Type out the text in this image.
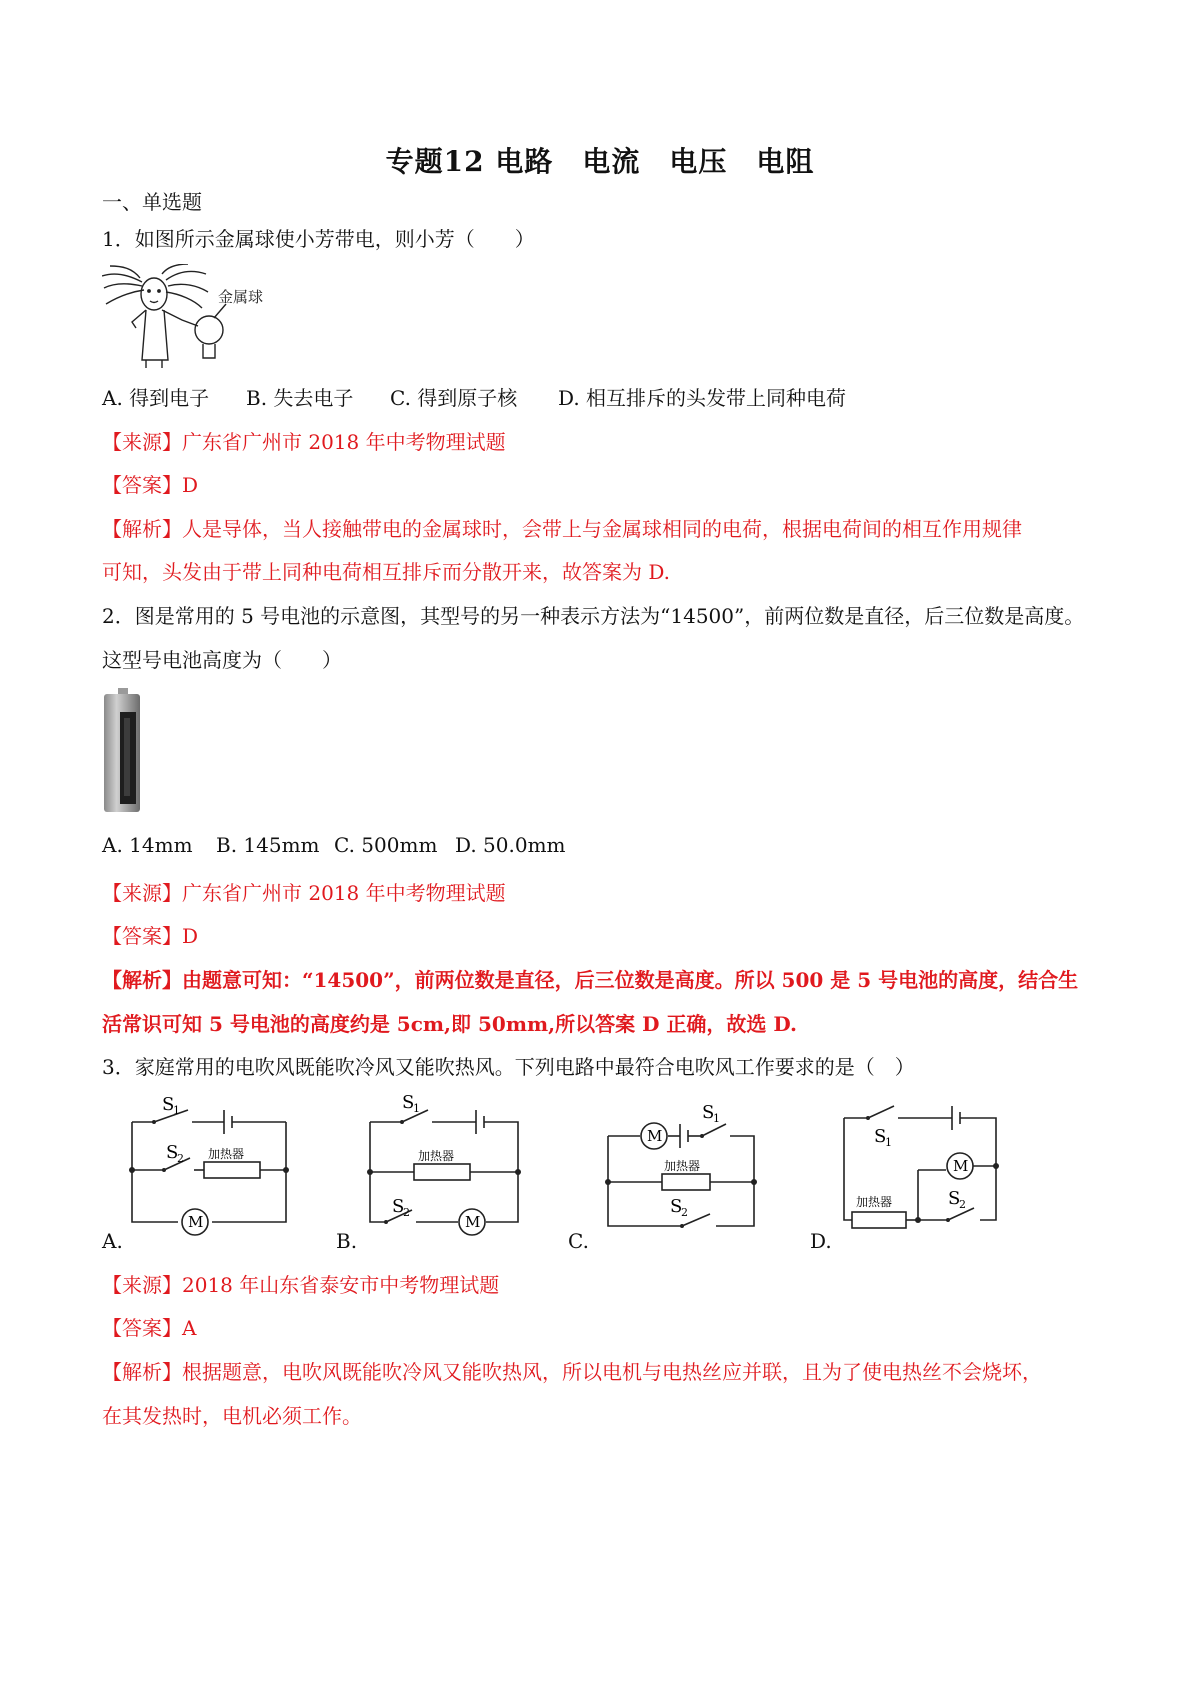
专题12 电路　电流　电压　电阻
一、单选题
1．如图所示金属球使小芳带电，则小芳（　　）
金属球
A. 得到电子 B. 失去电子 C. 得到原子核 D. 相互排斥的头发带上同种电荷
【来源】广东省广州市 2018 年中考物理试题
【答案】D
【解析】人是导体，当人接触带电的金属球时，会带上与金属球相同的电荷，根据电荷间的相互作用规律
可知，头发由于带上同种电荷相互排斥而分散开来，故答案为 D.
2．图是常用的 5 号电池的示意图，其型号的另一种表示方法为“14500”，前两位数是直径，后三位数是高度。
这型号电池高度为（　　）
A. 14mm B. 145mm C. 500mm D. 50.0mm
【来源】广东省广州市 2018 年中考物理试题
【答案】D
【解析】由题意可知：“14500”，前两位数是直径，后三位数是高度。所以 500 是 5 号电池的高度，结合生
活常识可知 5 号电池的高度约是 5cm,即 50mm,所以答案 D 正确，故选 D.
3．家庭常用的电吹风既能吹冷风又能吹热风。下列电路中最符合电吹风工作要求的是（　）
S
1
S
2 加热器
M
S
1
S
2
加热器
M
S
1
S
2
加热器
M	S
1
S
2
加热器
M
A.	B.	C.	D.
【来源】2018 年山东省泰安市中考物理试题
【答案】A
【解析】根据题意，电吹风既能吹冷风又能吹热风，所以电机与电热丝应并联，且为了使电热丝不会烧坏，
在其发热时，电机必须工作。
